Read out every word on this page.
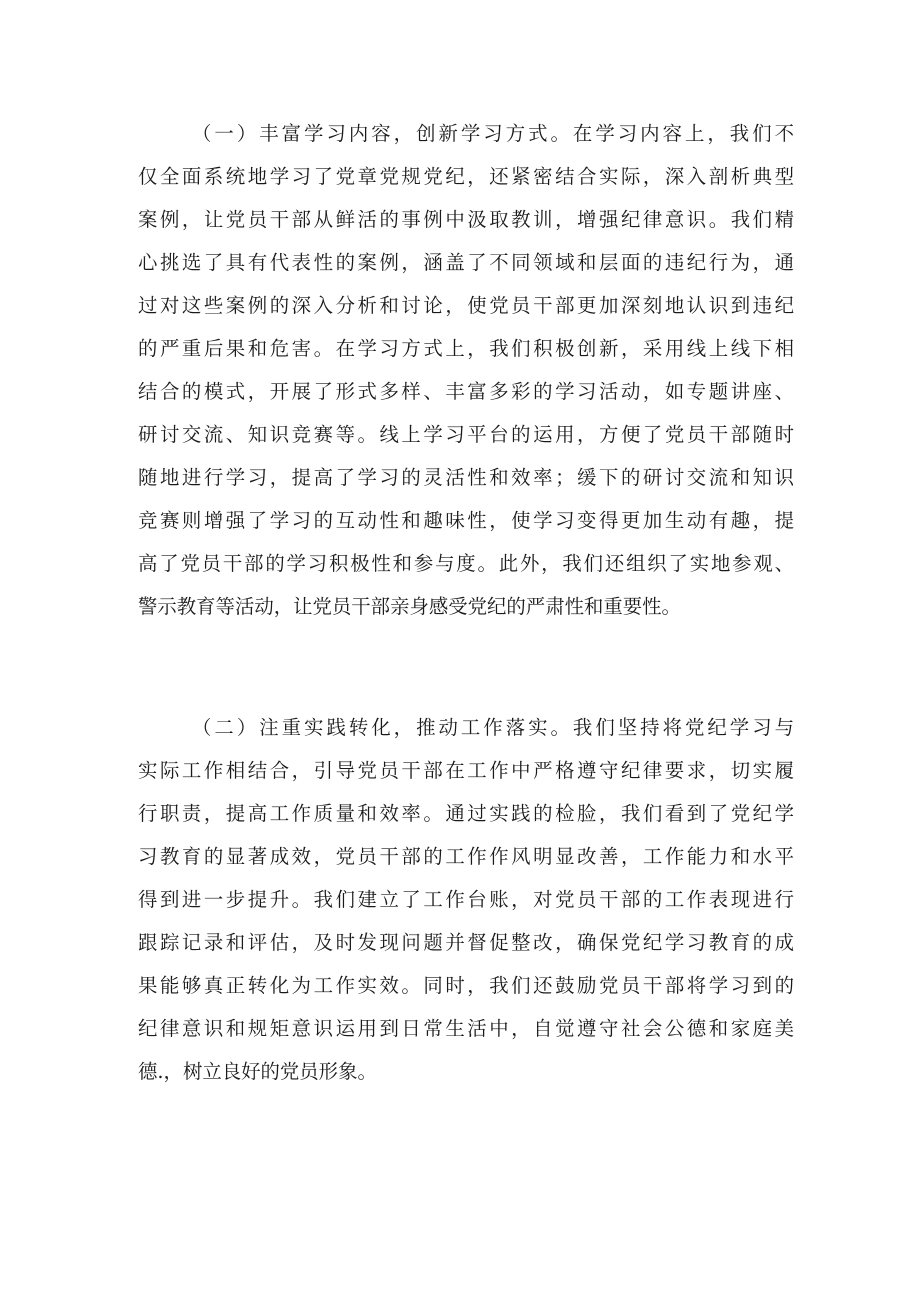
（一）丰富学习内容，创新学习方式。在学习内容上，我们不
仅全面系统地学习了党章党规党纪，还紧密结合实际，深入剖析典型
案例，让党员干部从鲜活的事例中汲取教训，增强纪律意识。我们精
心挑选了具有代表性的案例，涵盖了不同领域和层面的违纪行为，通
过对这些案例的深入分析和讨论，使党员干部更加深刻地认识到违纪
的严重后果和危害。在学习方式上，我们积极创新，采用线上线下相
结合的模式，开展了形式多样、丰富多彩的学习活动，如专题讲座、
研讨交流、知识竞赛等。线上学习平台的运用，方便了党员干部随时
随地进行学习，提高了学习的灵活性和效率；缓下的研讨交流和知识
竞赛则增强了学习的互动性和趣味性，使学习变得更加生动有趣，提
高了党员干部的学习积极性和参与度。此外，我们还组织了实地参观、
警示教育等活动，让党员干部亲身感受党纪的严肃性和重要性。
（二）注重实践转化，推动工作落实。我们坚持将党纪学习与
实际工作相结合，引导党员干部在工作中严格遵守纪律要求，切实履
行职责，提高工作质量和效率。通过实践的检脸，我们看到了党纪学
习教育的显著成效，党员干部的工作作风明显改善，工作能力和水平
得到进一步提升。我们建立了工作台账，对党员干部的工作表现进行
跟踪记录和评估，及时发现问题并督促整改，确保党纪学习教育的成
果能够真正转化为工作实效。同时，我们还鼓励党员干部将学习到的
纪律意识和规矩意识运用到日常生活中，自觉遵守社会公德和家庭美
德.，树立良好的党员形象。
